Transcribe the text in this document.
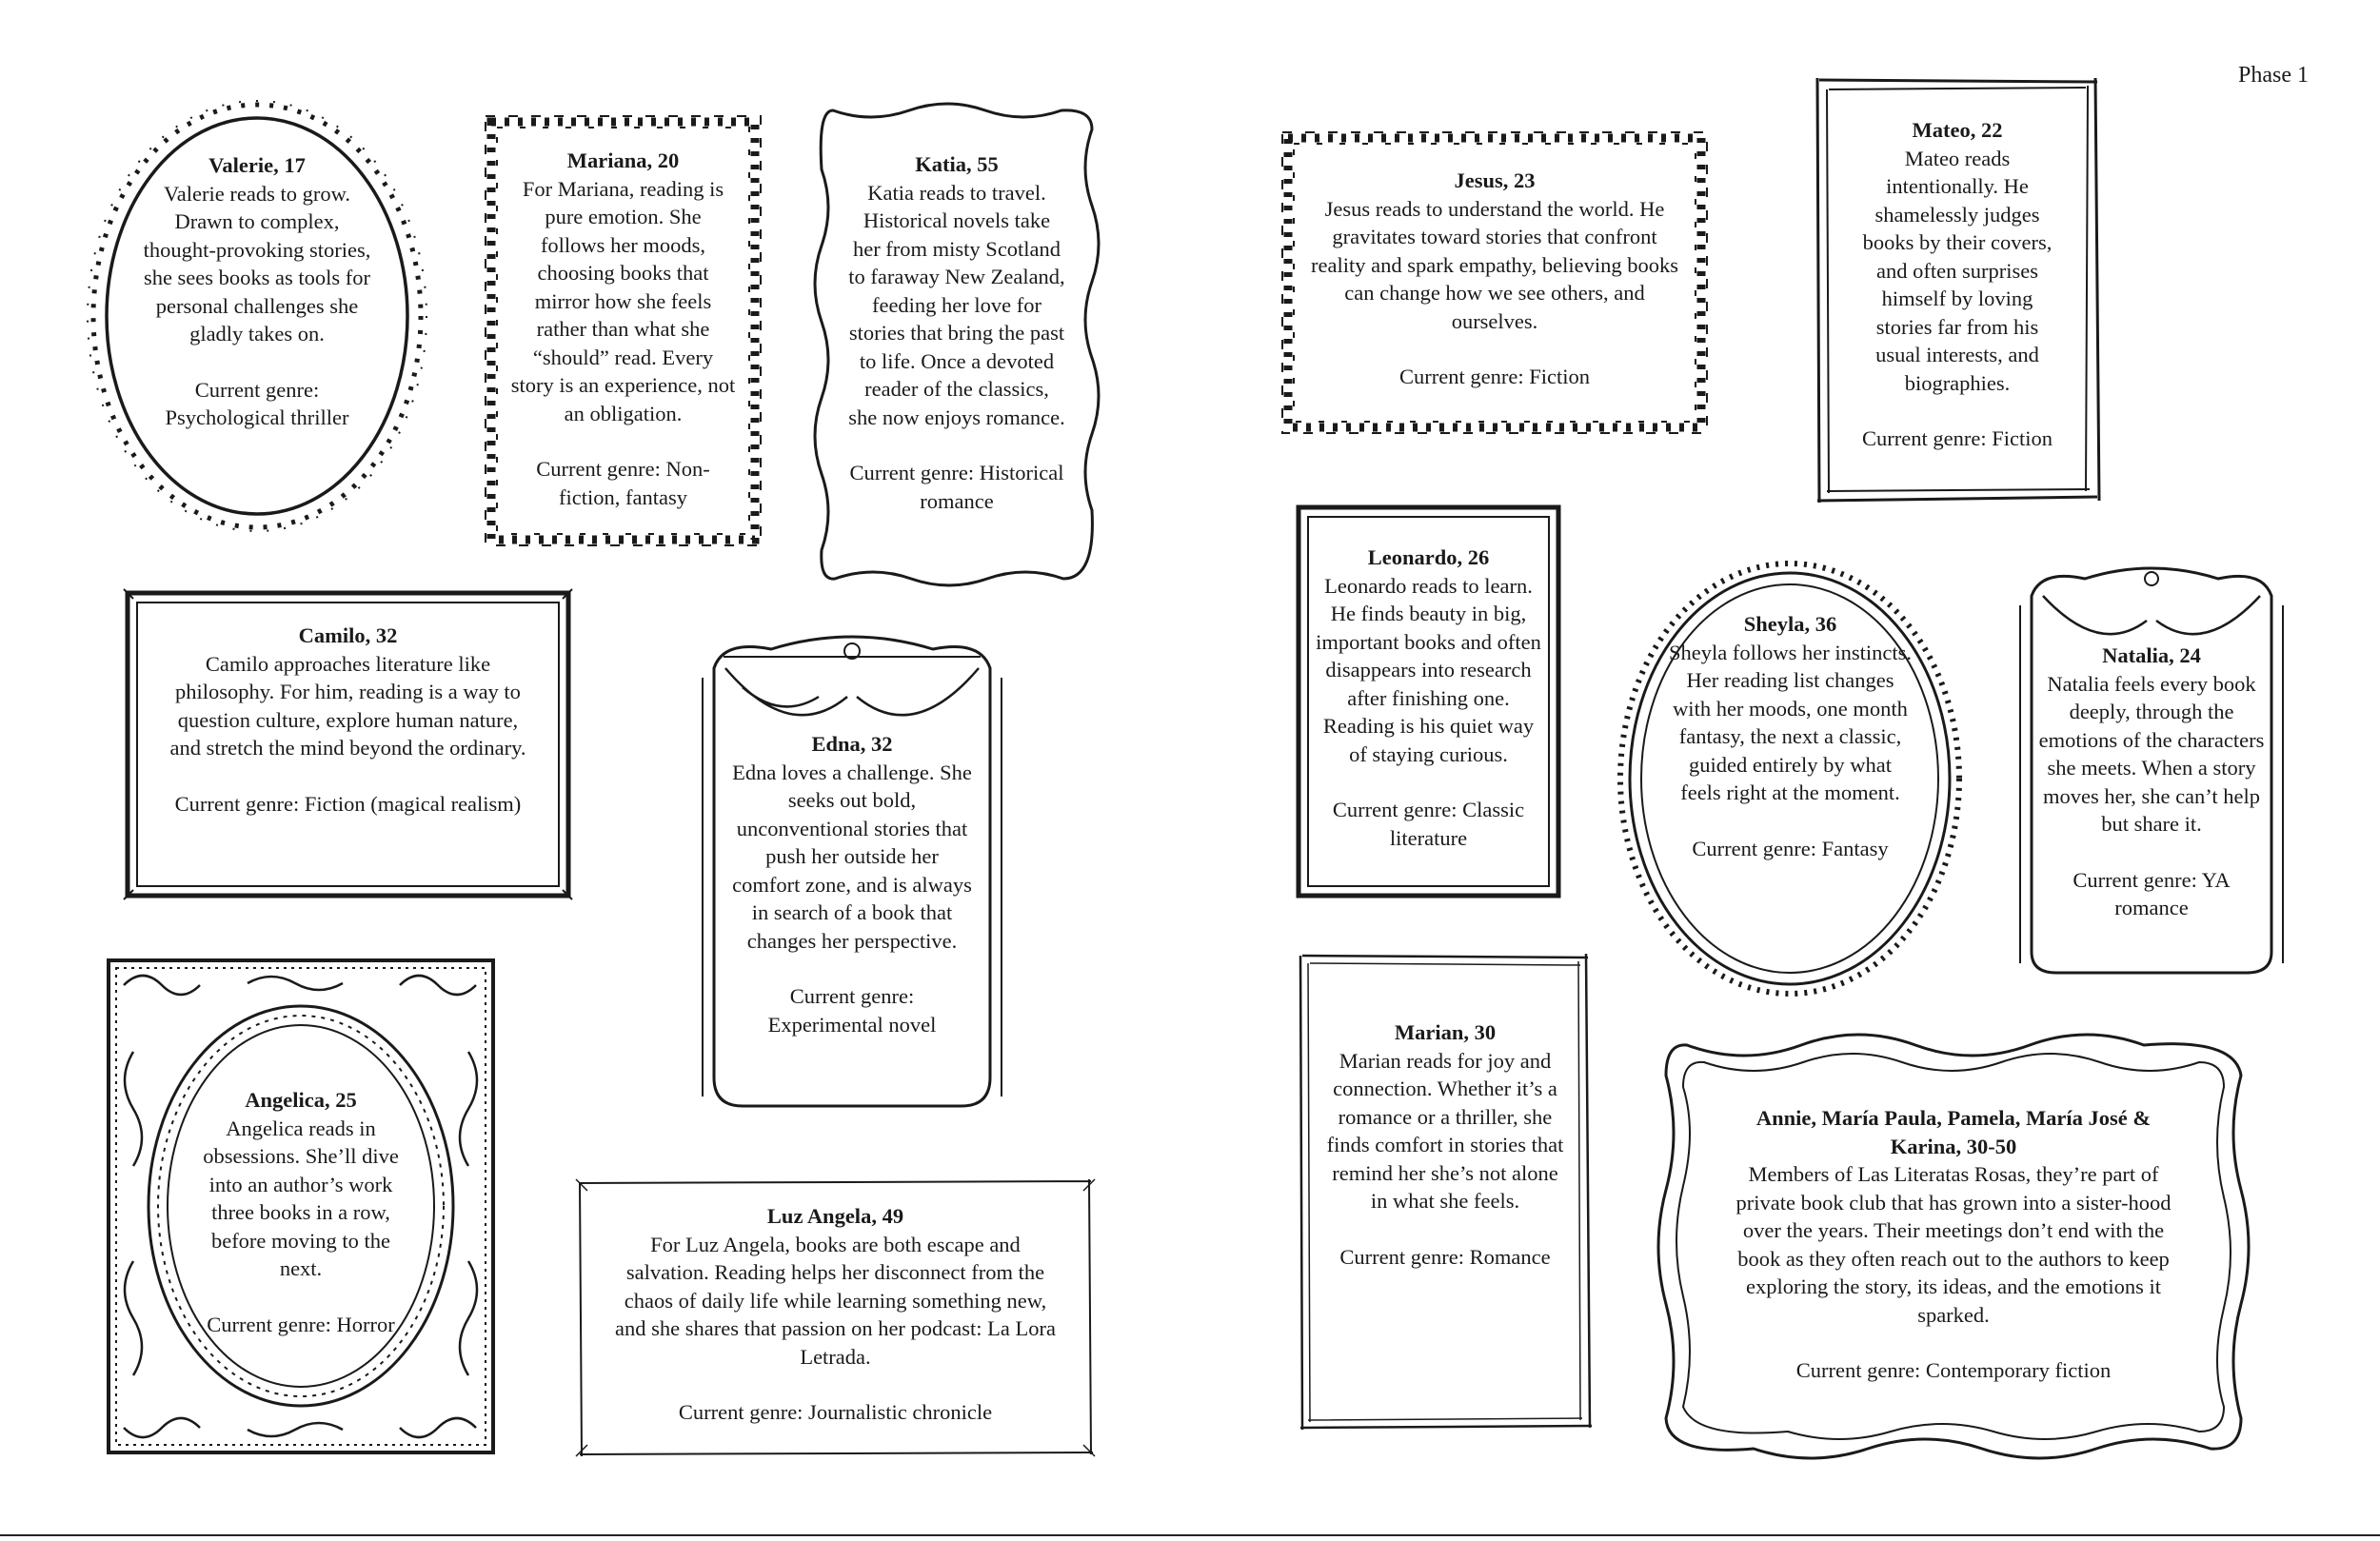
Phase 1
Valerie, 17
Valerie reads to grow. Drawn to complex, thought-provoking stories, she sees books as tools for personal challenges she gladly takes on.
Current genre: Psychological thriller
Mariana, 20
For Mariana, reading is pure emotion. She follows her moods, choosing books that mirror how she feels rather than what she “should” read. Every story is an experience, not an obligation.
Current genre: Non-fiction, fantasy
Katia, 55
Katia reads to travel. Historical novels take her from misty Scotland to faraway New Zealand, feeding her love for stories that bring the past to life. Once a devoted reader of the classics, she now enjoys romance.
Current genre: Historical romance
Jesus, 23
Jesus reads to understand the world. He gravitates toward stories that confront reality and spark empathy, believing books can change how we see others, and ourselves.
Current genre: Fiction
Mateo, 22
Mateo reads intentionally. He shamelessly judges books by their covers, and often surprises himself by loving stories far from his usual interests, and biographies.
Current genre: Fiction
Camilo, 32
Camilo approaches literature like philosophy. For him, reading is a way to question culture, explore human nature, and stretch the mind beyond the ordinary.
Current genre: Fiction (magical realism)
Edna, 32
Edna loves a challenge. She seeks out bold, unconventional stories that push her outside her comfort zone, and is always in search of a book that changes her perspective.
Current genre: Experimental novel
Leonardo, 26
Leonardo reads to learn. He finds beauty in big, important books and often disappears into research after finishing one. Reading is his quiet way of staying curious.
Current genre: Classic literature
Sheyla, 36
Sheyla follows her instincts. Her reading list changes with her moods, one month fantasy, the next a classic, guided entirely by what feels right at the moment.
Current genre: Fantasy
Natalia, 24
Natalia feels every book deeply, through the emotions of the characters she meets. When a story moves her, she can’t help but share it.
Current genre: YA romance
Angelica, 25
Angelica reads in obsessions. She’ll dive into an author’s work three books in a row, before moving to the next.
Current genre: Horror
Luz Angela, 49
For Luz Angela, books are both escape and salvation. Reading helps her disconnect from the chaos of daily life while learning something new, and she shares that passion on her podcast: La Lora Letrada.
Current genre: Journalistic chronicle
Marian, 30
Marian reads for joy and connection. Whether it’s a romance or a thriller, she finds comfort in stories that remind her she’s not alone in what she feels.
Current genre: Romance
Annie, María Paula, Pamela, María José & Karina, 30-50
Members of Las Literatas Rosas, they’re part of private book club that has grown into a sister-hood over the years. Their meetings don’t end with the book as they often reach out to the authors to keep exploring the story, its ideas, and the emotions it sparked.
Current genre: Contemporary fiction
